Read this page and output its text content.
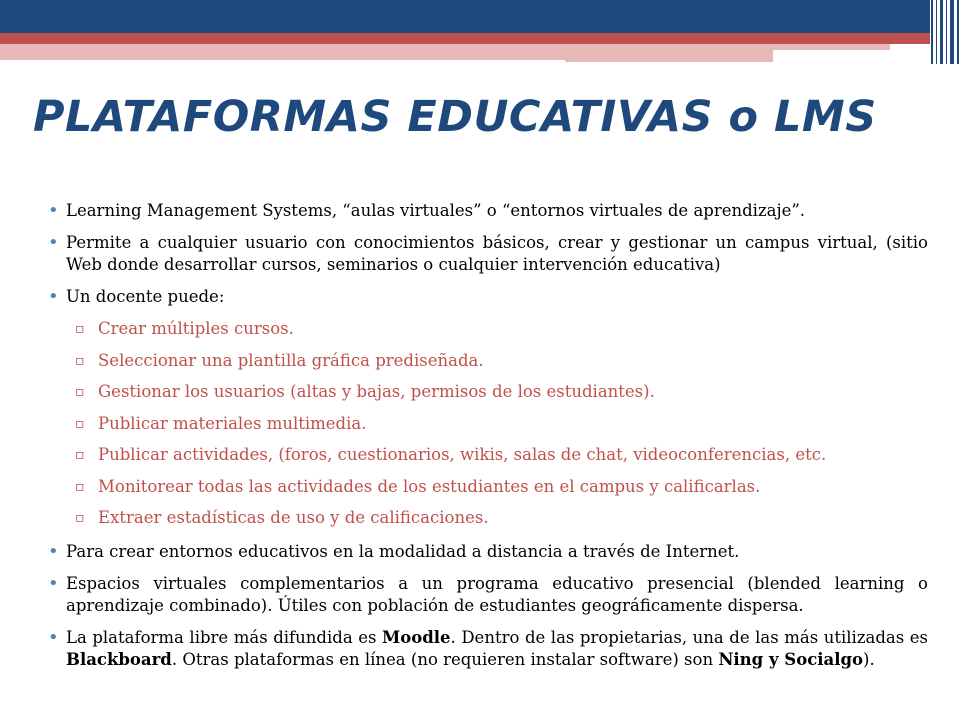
PLATAFORMAS EDUCATIVAS o LMS
• Learning Management Systems, “aulas virtuales” o “entornos virtuales de aprendizaje”.
• Permite a cualquier usuario con conocimientos básicos, crear y gestionar un campus virtual, (sitio Web donde desarrollar cursos, seminarios o cualquier intervención educativa)
• Un docente puede:
▫ Crear múltiples cursos.
▫ Seleccionar una plantilla gráfica prediseñada.
▫ Gestionar los usuarios (altas y bajas, permisos de los estudiantes).
▫ Publicar materiales multimedia.
▫ Publicar actividades, (foros, cuestionarios, wikis, salas de chat, videoconferencias, etc.
▫ Monitorear todas las actividades de los estudiantes en el campus y calificarlas.
▫ Extraer estadísticas de uso y de calificaciones.
• Para crear entornos educativos en la modalidad a distancia a través de Internet.
• Espacios virtuales complementarios a un programa educativo presencial (blended learning o aprendizaje combinado). Útiles con población de estudiantes geográficamente dispersa.
• La plataforma libre más difundida es Moodle. Dentro de las propietarias, una de las más utilizadas es Blackboard. Otras plataformas en línea (no requieren instalar software) son Ning y Socialgo).
